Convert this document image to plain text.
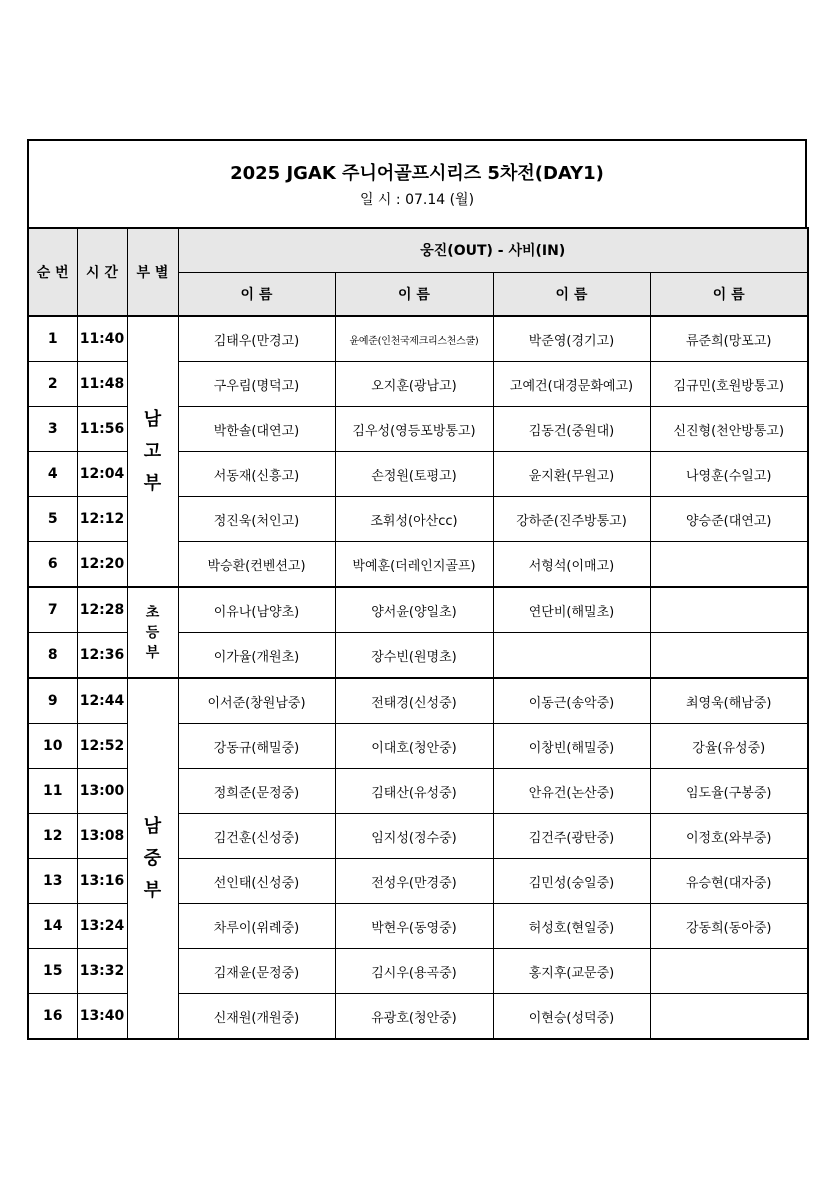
2025 JGAK 주니어골프시리즈 5차전(DAY1)
일 시 : 07.14 (월)
순 번	시 간	부 별	웅진(OUT) - 사비(IN)			
			이 름	이 름	이 름	이 름
1	11:40	남
고
부	김태우(만경고)	윤예준(인천국제크리스천스쿨)	박준영(경기고)	류준희(망포고)
2	11:48		구우림(명덕고)	오지훈(광남고)	고예건(대경문화예고)	김규민(호원방통고)
3	11:56		박한솔(대연고)	김우성(영등포방통고)	김동건(중원대)	신진형(천안방통고)
4	12:04		서동재(신흥고)	손정원(토평고)	윤지환(무원고)	나영훈(수일고)
5	12:12		정진욱(처인고)	조휘성(아산cc)	강하준(진주방통고)	양승준(대연고)
6	12:20		박승환(컨벤션고)	박예훈(더레인지골프)	서형석(이매고)	
7	12:28	초
등
부	이유나(남양초)	양서윤(양일초)	연단비(해밀초)	
8	12:36		이가율(개원초)	장수빈(원명초)		
9	12:44	남
중
부	이서준(창원남중)	전태경(신성중)	이동근(송악중)	최영욱(해남중)
10	12:52		강동규(해밀중)	이대호(청안중)	이창빈(해밀중)	강율(유성중)
11	13:00		정희준(문정중)	김태산(유성중)	안유건(논산중)	임도율(구봉중)
12	13:08		김건훈(신성중)	임지성(정수중)	김건주(광탄중)	이정호(와부중)
13	13:16		선인태(신성중)	전성우(만경중)	김민성(숭일중)	유승현(대자중)
14	13:24		차루이(위례중)	박현우(동영중)	허성호(현일중)	강동희(동아중)
15	13:32		김재윤(문정중)	김시우(용곡중)	홍지후(교문중)	
16	13:40		신재원(개원중)	유광호(청안중)	이현승(성덕중)	
